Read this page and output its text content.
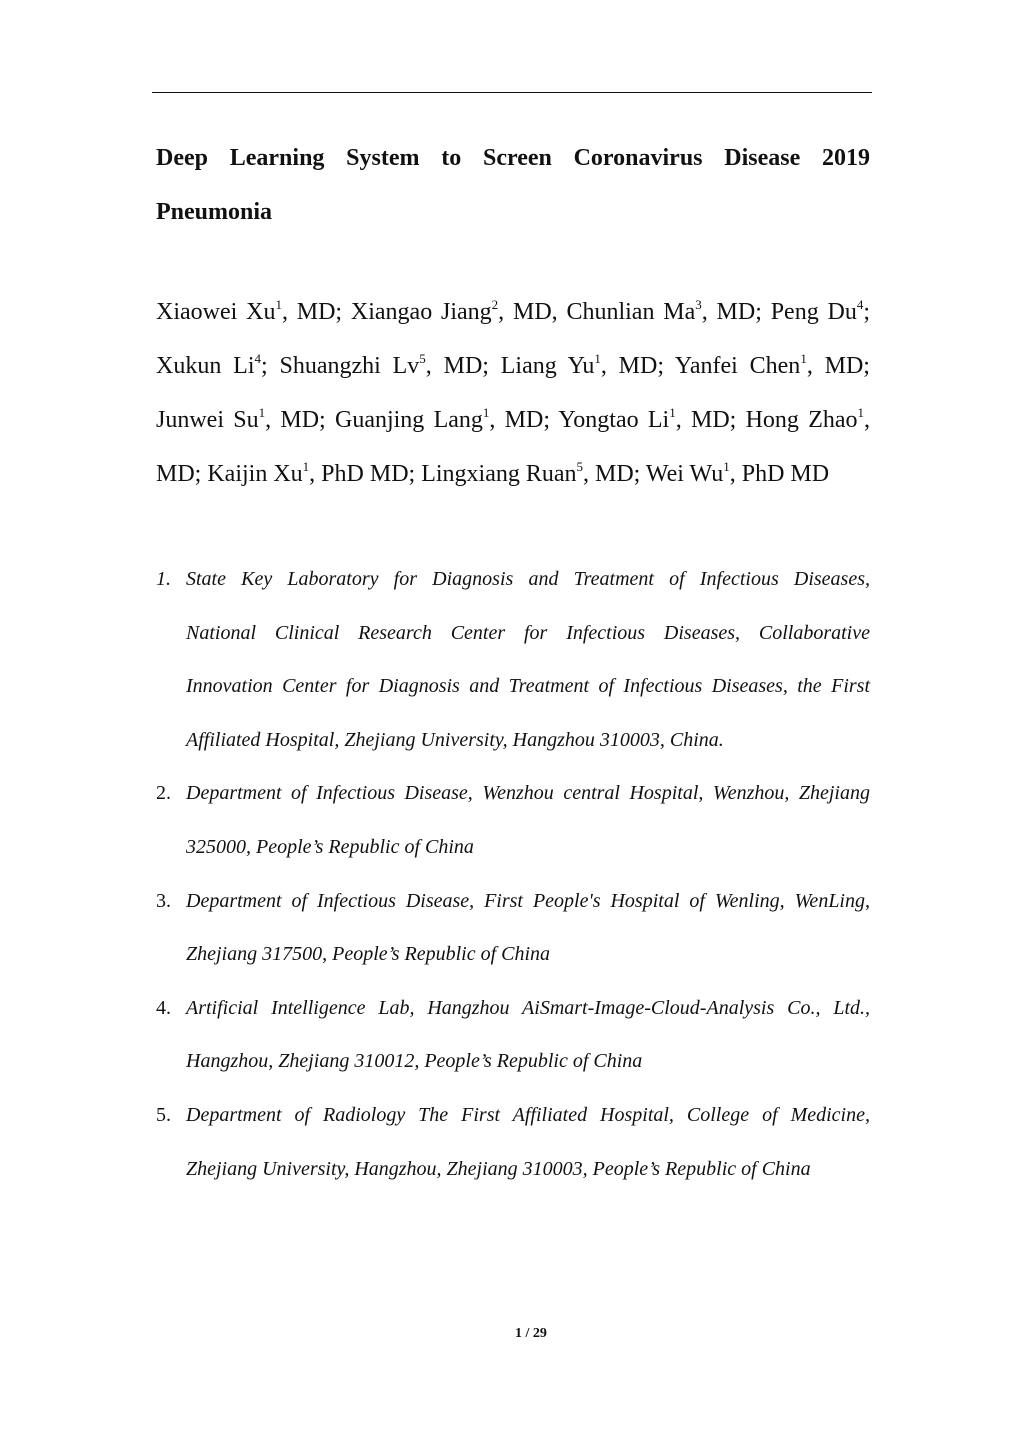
Deep Learning System to Screen Coronavirus Disease 2019
Pneumonia
Xiaowei Xu$^1$, MD; Xiangao Jiang$^2$, MD, Chunlian Ma$^3$, MD; Peng Du$^4$;
Xukun Li$^4$; Shuangzhi Lv$^5$, MD; Liang Yu$^1$, MD; Yanfei Chen$^1$, MD;
Junwei Su$^1$, MD; Guanjing Lang$^1$, MD; Yongtao Li$^1$, MD; Hong Zhao$^1$,
MD; Kaijin Xu$^1$, PhD MD; Lingxiang Ruan$^5$, MD; Wei Wu$^1$, PhD MD
1. State Key Laboratory for Diagnosis and Treatment of Infectious Diseases,
National Clinical Research Center for Infectious Diseases, Collaborative
Innovation Center for Diagnosis and Treatment of Infectious Diseases, the First
Affiliated Hospital, Zhejiang University, Hangzhou 310003, China.
2. Department of Infectious Disease, Wenzhou central Hospital, Wenzhou, Zhejiang
325000, People’s Republic of China
3. Department of Infectious Disease, First People's Hospital of Wenling, WenLing,
Zhejiang 317500, People’s Republic of China
4. Artificial Intelligence Lab, Hangzhou AiSmart-Image-Cloud-Analysis Co., Ltd.,
Hangzhou, Zhejiang 310012, People’s Republic of China
5. Department of Radiology The First Affiliated Hospital, College of Medicine,
Zhejiang University, Hangzhou, Zhejiang 310003, People’s Republic of China
1 / 29
